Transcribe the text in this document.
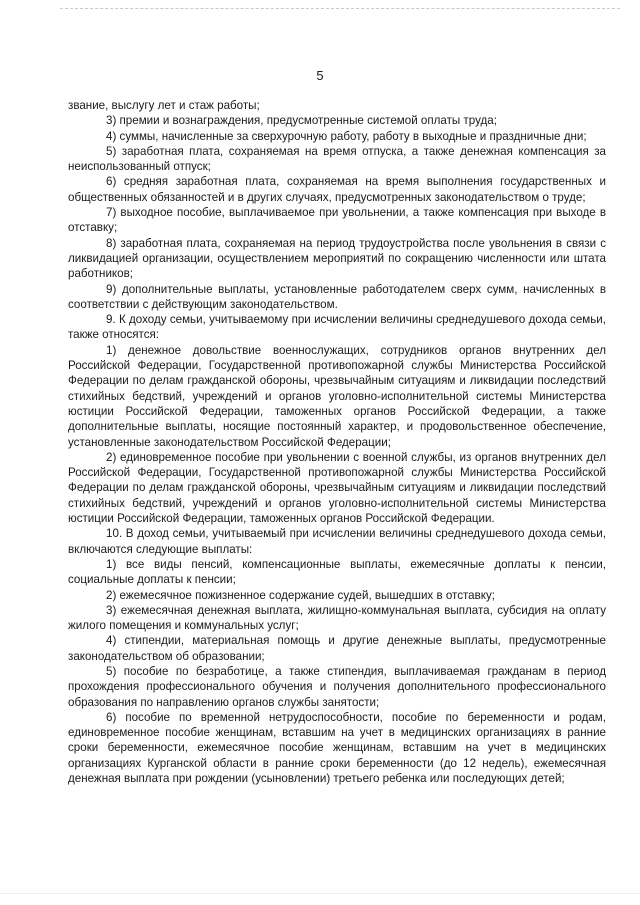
5

звание, выслугу лет и стаж работы;

3) премии и вознаграждения, предусмотренные системой оплаты труда;

4) суммы, начисленные за сверхурочную работу, работу в выходные и праздничные дни;

5) заработная плата, сохраняемая на время отпуска, а также денежная компенсация за неиспользованный отпуск;

6) средняя заработная плата, сохраняемая на время выполнения государственных и общественных обязанностей и в других случаях, предусмотренных законодательством о труде;

7) выходное пособие, выплачиваемое при увольнении, а также компенсация при выходе в отставку;

8) заработная плата, сохраняемая на период трудоустройства после увольнения в связи с ликвидацией организации, осуществлением мероприятий по сокращению численности или штата работников;

9) дополнительные выплаты, установленные работодателем сверх сумм, начисленных в соответствии с действующим законодательством.

9. К доходу семьи, учитываемому при исчислении величины среднедушевого дохода семьи, также относятся:

1) денежное довольствие военнослужащих, сотрудников органов внутренних дел Российской Федерации, Государственной противопожарной службы Министерства Российской Федерации по делам гражданской обороны, чрезвычайным ситуациям и ликвидации последствий стихийных бедствий, учреждений и органов уголовно-исполнительной системы Министерства юстиции Российской Федерации, таможенных органов Российской Федерации, а также дополнительные выплаты, носящие постоянный характер, и продовольственное обеспечение, установленные законодательством Российской Федерации;

2) единовременное пособие при увольнении с военной службы, из органов внутренних дел Российской Федерации, Государственной противопожарной службы Министерства Российской Федерации по делам гражданской обороны, чрезвычайным ситуациям и ликвидации последствий стихийных бедствий, учреждений и органов уголовно-исполнительной системы Министерства юстиции Российской Федерации, таможенных органов Российской Федерации.

10. В доход семьи, учитываемый при исчислении величины среднедушевого дохода семьи, включаются следующие выплаты:

1) все виды пенсий, компенсационные выплаты, ежемесячные доплаты к пенсии, социальные доплаты к пенсии;

2) ежемесячное пожизненное содержание судей, вышедших в отставку;

3) ежемесячная денежная выплата, жилищно-коммунальная выплата, субсидия на оплату жилого помещения и коммунальных услуг;

4) стипендии, материальная помощь и другие денежные выплаты, предусмотренные законодательством об образовании;

5) пособие по безработице, а также стипендия, выплачиваемая гражданам в период прохождения профессионального обучения и получения дополнительного профессионального образования по направлению органов службы занятости;

6) пособие по временной нетрудоспособности, пособие по беременности и родам, единовременное пособие женщинам, вставшим на учет в медицинских организациях в ранние сроки беременности, ежемесячное пособие женщинам, вставшим на учет в медицинских организациях Курганской области в ранние сроки беременности (до 12 недель), ежемесячная денежная выплата при рождении (усыновлении) третьего ребенка или последующих детей;
